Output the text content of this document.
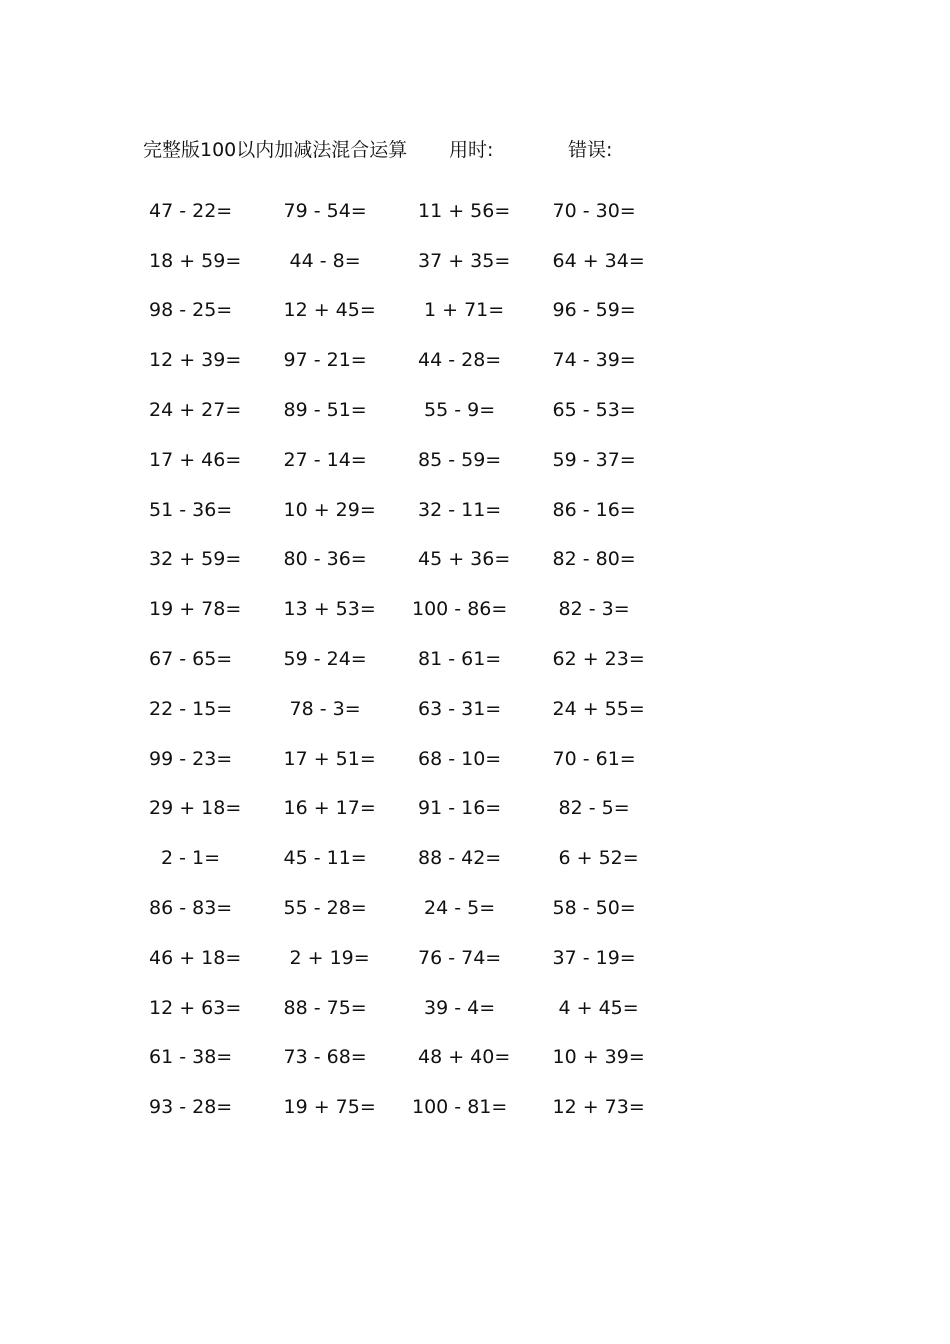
完整版100以内加减法混合运算 用时:	错误:
47 - 22=	79 - 54=	11 + 56=	70 - 30=
18 + 59=	44 - 8=	37 + 35=	64 + 34=
98 - 25=	12 + 45=	1 + 71=	96 - 59=
12 + 39=	97 - 21=	44 - 28=	74 - 39=
24 + 27=	89 - 51=	55 - 9=	65 - 53=
17 + 46=	27 - 14=	85 - 59=	59 - 37=
51 - 36=	10 + 29=	32 - 11=	86 - 16=
32 + 59=	80 - 36=	45 + 36=	82 - 80=
19 + 78=	13 + 53=	100 - 86=	82 - 3=
67 - 65=	59 - 24=	81 - 61=	62 + 23=
22 - 15=	78 - 3=	63 - 31=	24 + 55=
99 - 23=	17 + 51=	68 - 10=	70 - 61=
29 + 18=	16 + 17=	91 - 16=	82 - 5=
2 - 1=	45 - 11=	88 - 42=	6 + 52=
86 - 83=	55 - 28=	24 - 5=	58 - 50=
46 + 18=	2 + 19=	76 - 74=	37 - 19=
12 + 63=	88 - 75=	39 - 4=	4 + 45=
61 - 38=	73 - 68=	48 + 40=	10 + 39=
93 - 28=	19 + 75=	100 - 81=	12 + 73=
